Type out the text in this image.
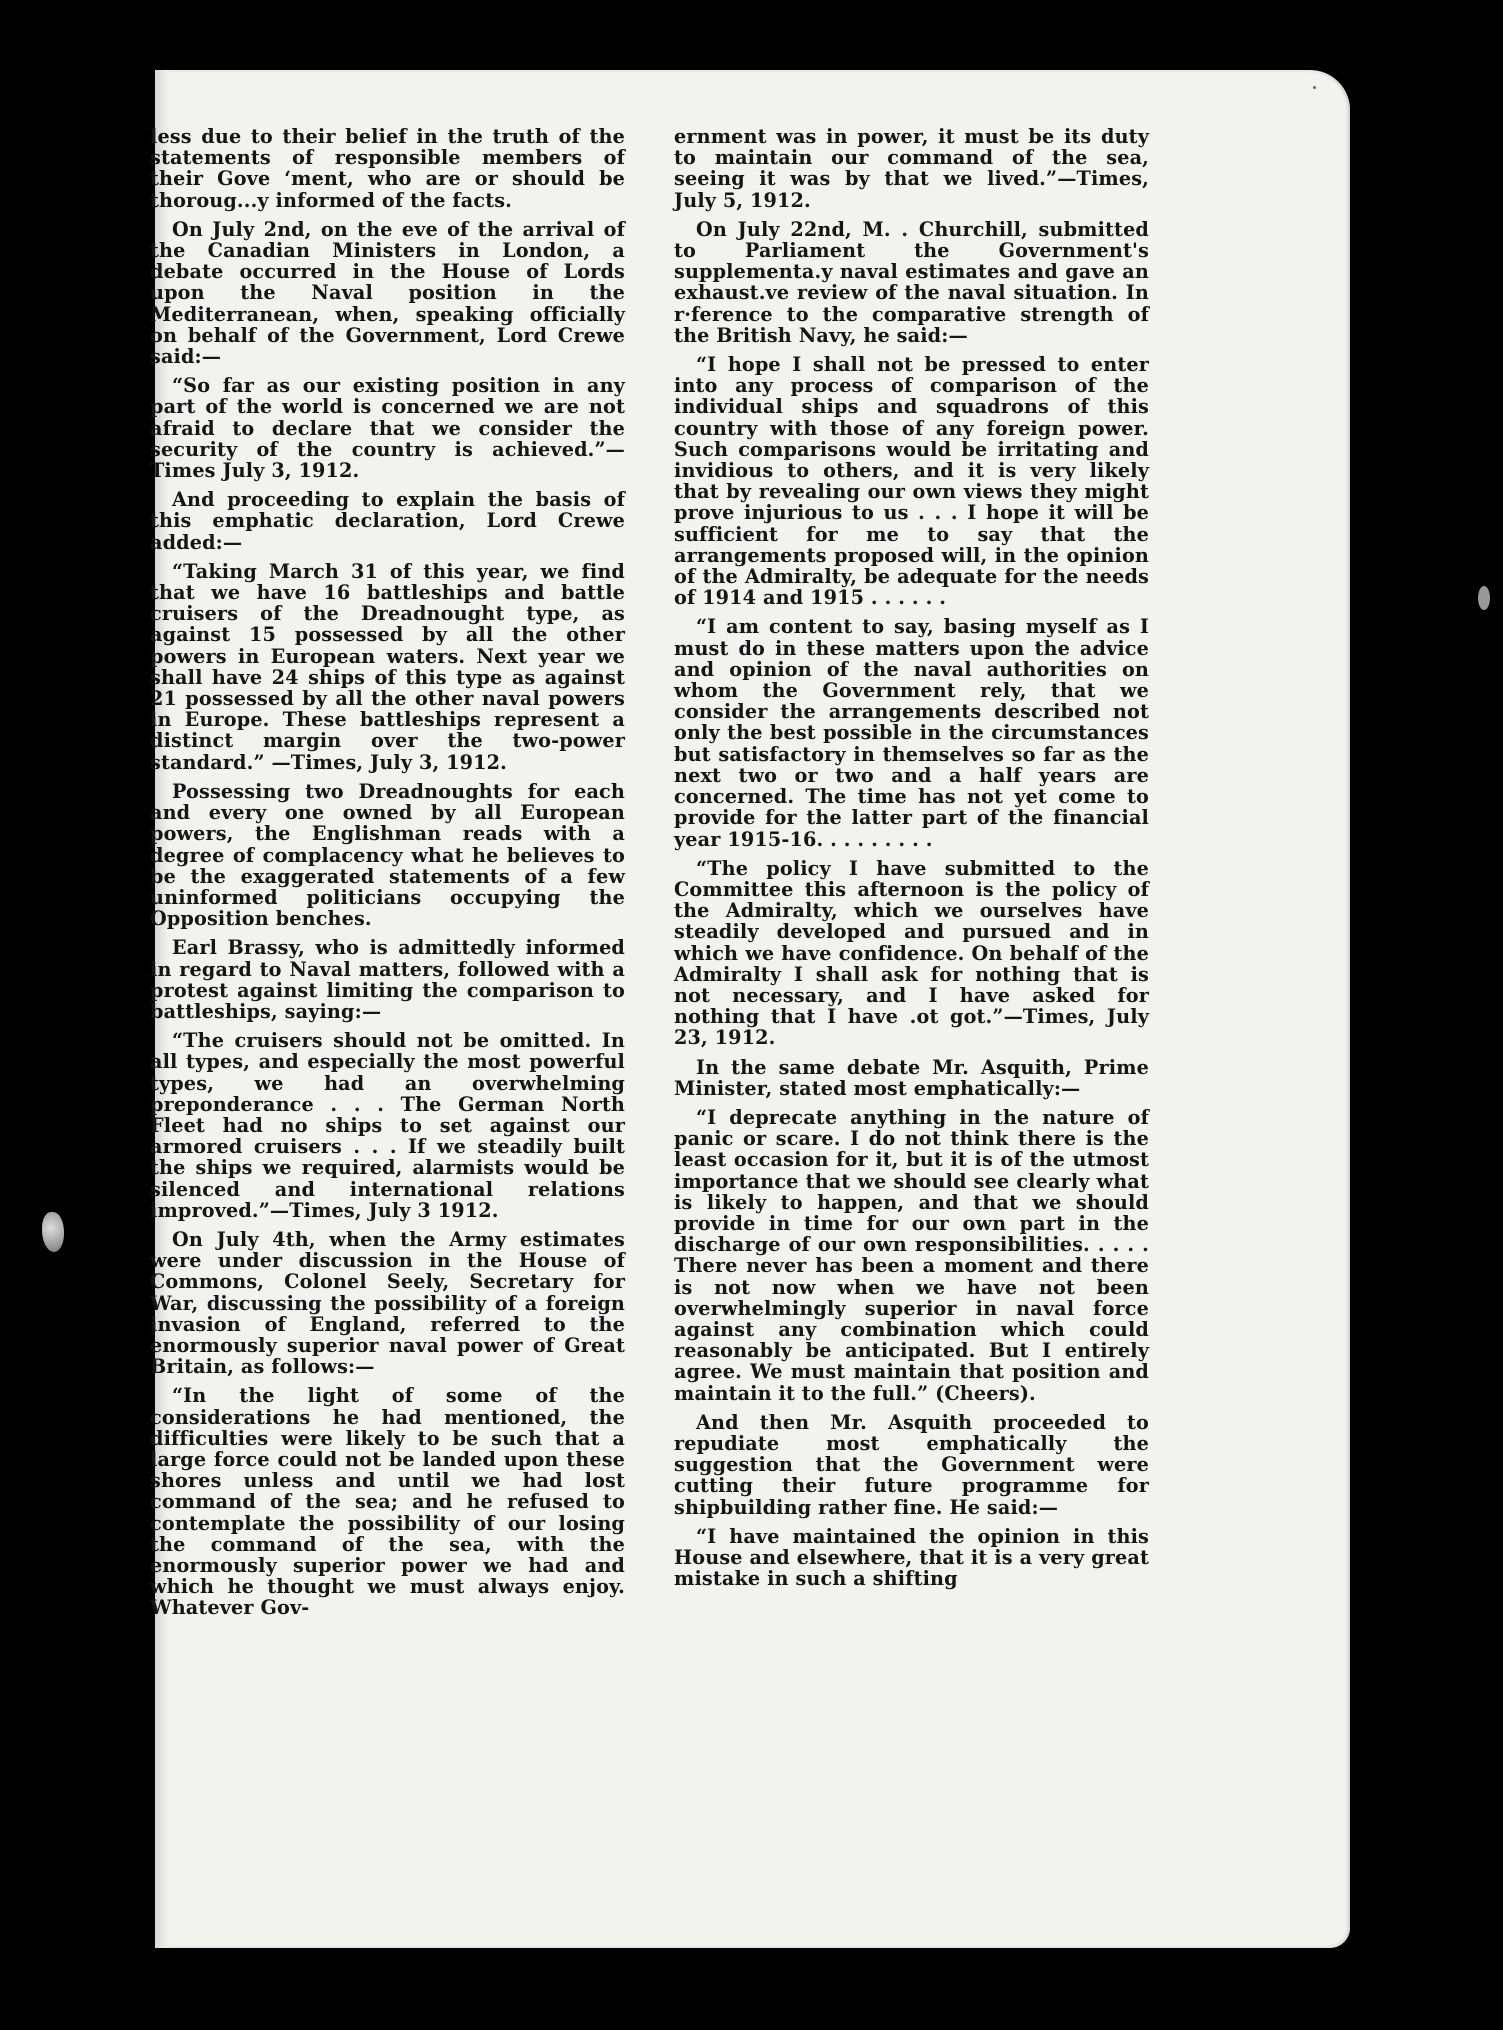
less due to their belief in the truth of the statements of responsible members of their Gove ʻment, who are or should be thoroug...y informed of the facts.

On July 2nd, on the eve of the arrival of the Canadian Ministers in London, a debate occurred in the House of Lords upon the Naval position in the Mediterranean, when, speaking officially on behalf of the Government, Lord Crewe said:—

“So far as our existing position in any part of the world is concerned we are not afraid to declare that we consider the security of the country is achieved.”—Times July 3, 1912.

And proceeding to explain the basis of this emphatic declaration, Lord Crewe added:—

“Taking March 31 of this year, we find that we have 16 battleships and battle cruisers of the Dreadnought type, as against 15 possessed by all the other powers in European waters. Next year we shall have 24 ships of this type as against 21 possessed by all the other naval powers in Europe. These battleships represent a distinct margin over the two-power standard.” —Times, July 3, 1912.

Possessing two Dreadnoughts for each and every one owned by all European powers, the Englishman reads with a degree of complacency what he believes to be the exaggerated statements of a few uninformed politicians occupying the Opposition benches.

Earl Brassy, who is admittedly informed in regard to Naval matters, followed with a protest against limiting the comparison to battleships, saying:—

“The cruisers should not be omitted. In all types, and especially the most powerful types, we had an overwhelming preponderance . . . The German North Fleet had no ships to set against our armored cruisers . . . If we steadily built the ships we required, alarmists would be silenced and international relations improved.”—Times, July 3 1912.

On July 4th, when the Army estimates were under discussion in the House of Commons, Colonel Seely, Secretary for War, discussing the possibility of a foreign invasion of England, referred to the enormously superior naval power of Great Britain, as follows:—

“In the light of some of the considerations he had mentioned, the difficulties were likely to be such that a large force could not be landed upon these shores unless and until we had lost command of the sea; and he refused to contemplate the possibility of our losing the command of the sea, with the enormously superior power we had and which he thought we must always enjoy. Whatever Gov-

ernment was in power, it must be its duty to maintain our command of the sea, seeing it was by that we lived.”—Times, July 5, 1912.

On July 22nd, M. . Churchill, submitted to Parliament the Government's supplementa.y naval estimates and gave an exhaust.ve review of the naval situation. In r·ference to the comparative strength of the British Navy, he said:—

“I hope I shall not be pressed to enter into any process of comparison of the individual ships and squadrons of this country with those of any foreign power. Such comparisons would be irritating and invidious to others, and it is very likely that by revealing our own views they might prove injurious to us . . . I hope it will be sufficient for me to say that the arrangements proposed will, in the opinion of the Admiralty, be adequate for the needs of 1914 and 1915 . . . . . .

“I am content to say, basing myself as I must do in these matters upon the advice and opinion of the naval authorities on whom the Government rely, that we consider the arrangements described not only the best possible in the circumstances but satisfactory in themselves so far as the next two or two and a half years are concerned. The time has not yet come to provide for the latter part of the financial year 1915-16. . . . . . . . .

“The policy I have submitted to the Committee this afternoon is the policy of the Admiralty, which we ourselves have steadily developed and pursued and in which we have confidence. On behalf of the Admiralty I shall ask for nothing that is not necessary, and I have asked for nothing that I have .ot got.”—Times, July 23, 1912.

In the same debate Mr. Asquith, Prime Minister, stated most emphatically:—

“I deprecate anything in the nature of panic or scare. I do not think there is the least occasion for it, but it is of the utmost importance that we should see clearly what is likely to happen, and that we should provide in time for our own part in the discharge of our own responsibilities. . . . . There never has been a moment and there is not now when we have not been overwhelmingly superior in naval force against any combination which could reasonably be anticipated. But I entirely agree. We must maintain that position and maintain it to the full.” (Cheers).

And then Mr. Asquith proceeded to repudiate most emphatically the suggestion that the Government were cutting their future programme for shipbuilding rather fine. He said:—

“I have maintained the opinion in this House and elsewhere, that it is a very great mistake in such a shifting
